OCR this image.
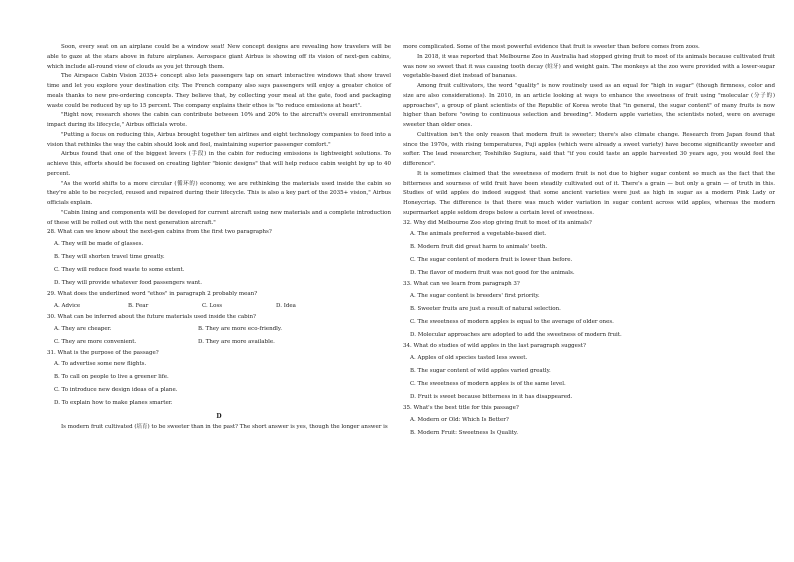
Soon, every seat on an airplane could be a window seat! New concept designs are revealing how travelers will be able to gaze at the stars above in future airplanes. Aerospace giant Airbus is showing off its vision of next-gen cabins, which include all-round view of clouds as you jet through them.

The Airspace Cabin Vision 2035+ concept also lets passengers tap on smart interactive windows that show travel time and let you explore your destination city. The French company also says passengers will enjoy a greater choice of meals thanks to new pre-ordering concepts. They believe that, by collecting your meal at the gate, food and packaging waste could be reduced by up to 15 percent. The company explains their ethos is "to reduce emissions at heart".

"Right now, research shows the cabin can contribute between 10% and 20% to the aircraft's overall environmental impact during its lifecycle," Airbus officials wrote.

"Putting a focus on reducing this, Airbus brought together ten airlines and eight technology companies to feed into a vision that rethinks the way the cabin should look and feel, maintaining superior passenger comfort."

Airbus found that one of the biggest levers (手段) in the cabin for reducing emissions is lightweight solutions. To achieve this, efforts should be focused on creating lighter "bionic designs" that will help reduce cabin weight by up to 40 percent.

"As the world shifts to a more circular (循环的) economy, we are rethinking the materials used inside the cabin so they're able to be recycled, reused and repaired during their lifecycle. This is also a key part of the 2035+ vision," Airbus officials explain.

"Cabin lining and components will be developed for current aircraft using new materials and a complete introduction of these will be rolled out with the next generation aircraft."

28. What can we know about the next-gen cabins from the first two paragraphs?

A. They will be made of glasses.

B. They will shorten travel time greatly.

C. They will reduce food waste to some extent.

D. They will provide whatever food passengers want.

29. What does the underlined word "ethos" in paragraph 2 probably mean?

A. Advice	B. Fear	C. Loss	D. Idea

30. What can be inferred about the future materials used inside the cabin?

A. They are cheaper.	B. They are more eco-friendly.
C. They are more convenient.	D. They are more available.

31. What is the purpose of the passage?

A. To advertise some new flights.

B. To call on people to live a greener life.

C. To introduce new design ideas of a plane.

D. To explain how to make planes smarter.

D

Is modern fruit cultivated (培育) to be sweeter than in the past? The short answer is yes, though the longer answer is

more complicated. Some of the most powerful evidence that fruit is sweeter than before comes from zoos.

In 2018, it was reported that Melbourne Zoo in Australia had stopped giving fruit to most of its animals because cultivated fruit was now so sweet that it was causing tooth decay (蛀牙) and weight gain. The monkeys at the zoo were provided with a lower-sugar vegetable-based diet instead of bananas.

Among fruit cultivators, the word "quality" is now routinely used as an equal for "high in sugar" (though firmness, color and size are also considerations). In 2010, in an article looking at ways to enhance the sweetness of fruit using "molecular (分子的) approaches", a group of plant scientists of the Republic of Korea wrote that "in general, the sugar content" of many fruits is now higher than before "owing to continuous selection and breeding". Modern apple varieties, the scientists noted, were on average sweeter than older ones.

Cultivation isn't the only reason that modern fruit is sweeter; there's also climate change. Research from Japan found that since the 1970s, with rising temperatures, Fuji apples (which were already a sweet variety) have become significantly sweeter and softer. The lead researcher, Toshihiko Sugiura, said that "if you could taste an apple harvested 30 years ago, you would feel the difference".

It is sometimes claimed that the sweetness of modern fruit is not due to higher sugar content so much as the fact that the bitterness and sourness of wild fruit have been steadily cultivated out of it. There's a grain — but only a grain — of truth in this. Studies of wild apples do indeed suggest that some ancient varieties were just as high in sugar as a modern Pink Lady or Honeycrisp. The difference is that there was much wider variation in sugar content across wild apples, whereas the modern supermarket apple seldom drops below a certain level of sweetness.

32. Why did Melbourne Zoo stop giving fruit to most of its animals?

A. The animals preferred a vegetable-based diet.

B. Modern fruit did great harm to animals' teeth.

C. The sugar content of modern fruit is lower than before.

D. The flavor of modern fruit was not good for the animals.

33. What can we learn from paragraph 3?

A. The sugar content is breeders' first priority.

B. Sweeter fruits are just a result of natural selection.

C. The sweetness of modern apples is equal to the average of older ones.

D. Molecular approaches are adopted to add the sweetness of modern fruit.

34. What do studies of wild apples in the last paragraph suggest?

A. Apples of old species tasted less sweet.

B. The sugar content of wild apples varied greatly.

C. The sweetness of modern apples is of the same level.

D. Fruit is sweet because bitterness in it has disappeared.

35. What's the best title for this passage?

A. Modern or Old: Which Is Better?

B. Modern Fruit: Sweetness Is Quality.
